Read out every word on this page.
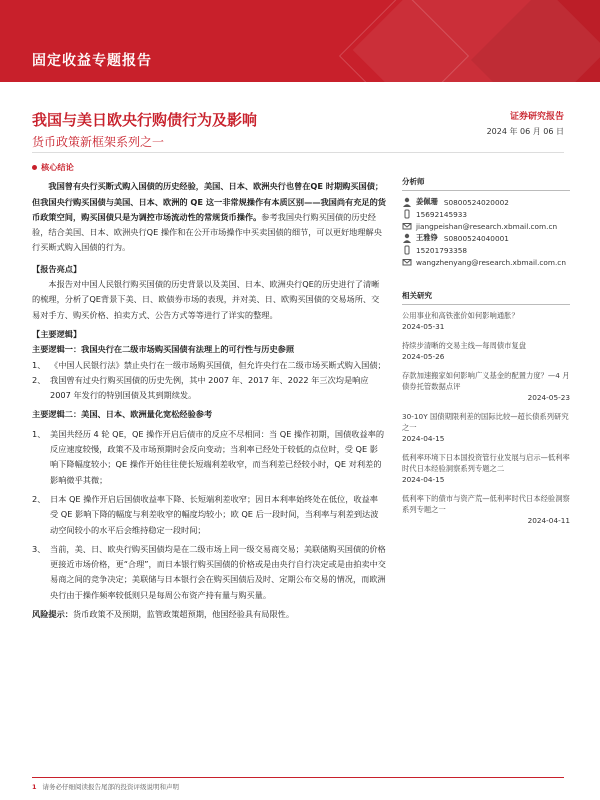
固定收益专题报告
我国与美日欧央行购债行为及影响
货币政策新框架系列之一
证券研究报告
2024 年 06 月 06 日
核心结论

我国曾有央行买断式购入国债的历史经验，美国、日本、欧洲央行也曾在QE 时期购买国债；但我国央行购买国债与美国、日本、欧洲的 QE 这一非常规操作有本质区别——我国尚有充足的货币政策空间，购买国债只是为调控市场流动性的常规货币操作。参考我国央行购买国债的历史经验，结合美国、日本、欧洲央行QE 操作和在公开市场操作中买卖国债的细节，可以更好地理解央行买断式购入国债的行为。

【报告亮点】

本报告对中国人民银行购买国债的历史背景以及美国、日本、欧洲央行QE的历史进行了清晰的梳理，分析了QE背景下美、日、欧债券市场的表现，并对美、日、欧购买国债的交易场所、交易对手方、购买价格、拍卖方式、公告方式等等进行了详实的整理。

【主要逻辑】
主要逻辑一：我国央行在二级市场购买国债有法理上的可行性与历史参照
1、 《中国人民银行法》禁止央行在一级市场购买国债，但允许央行在二级市场买断式购入国债；
2、 我国曾有过央行购买国债的历史先例，其中 2007 年、2017 年、2022 年三次均是响应 2007 年发行的特别国债及其到期续发。
主要逻辑二：美国、日本、欧洲量化宽松经验参考
1、 美国共经历 4 轮 QE，QE 操作开启后债市的反应不尽相同：当 QE 操作初期，国债收益率的反应速度较慢，政策不及市场预期时会反向变动；当利率已经处于较低的点位时，受 QE 影响下降幅度较小；QE 操作开始往往使长短端利差收窄，而当利差已经较小时，QE 对利差的影响微乎其微；
2、 日本 QE 操作开启后国债收益率下降、长短端利差收窄；因日本利率始终处在低位，收益率受 QE 影响下降的幅度与利差收窄的幅度均较小；欧 QE 后一段时间，当利率与利差到达波动空间较小的水平后会维持稳定一段时间；
3、 当前，美、日、欧央行购买国债均是在二级市场上同一级交易商交易；美联储购买国债的价格更接近市场价格，更“合理”，而日本银行购买国债的价格或是由央行自行决定或是由拍卖中交易商之间的竞争决定；美联储与日本银行会在购买国债后及时、定期公布交易的情况，而欧洲央行由于操作频率较低则只是每周公布资产持有量与购买量。

风险提示：货币政策不及预期，监管政策超预期，他国经验具有局限性。

分析师
姜佩珊 S0800524020002
15692145933
jiangpeishan@research.xbmail.com.cn
王雅铮 S0800524040001
15201793358
wangzhenyang@research.xbmail.com.cn
相关研究
公用事业和高铁涨价如何影响通胀？
2024-05-31
持续步清晰的交易主线—每周债市复盘
2024-05-26
存款加速搬家如何影响广义基金的配置力度？—4 月债券托管数据点评
2024-05-23
30-10Y 国债期限利差的国际比较—超长债系列研究之一
2024-04-15
低利率环境下日本国投资管行业发展与启示—低利率时代日本经验洞察系列专题之二
2024-04-15
低利率下的债市与资产荒—低利率时代日本经验洞察系列专题之一
2024-04-11
1 请务必仔细阅读报告尾部的投资评级说明和声明
